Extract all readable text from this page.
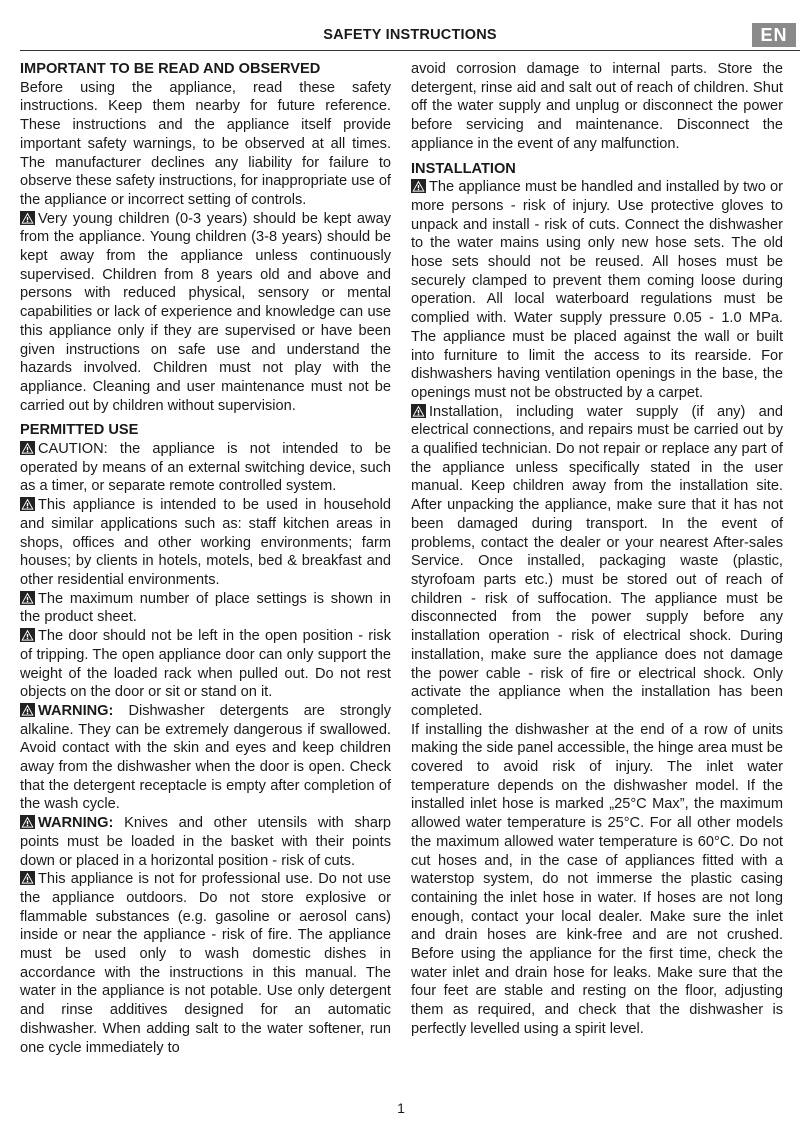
SAFETY INSTRUCTIONS	EN

IMPORTANT TO BE READ AND OBSERVED

Before using the appliance, read these safety instructions. Keep them nearby for future reference. These instructions and the appliance itself provide important safety warnings, to be observed at all times. The manufacturer declines any liability for failure to observe these safety instructions, for inappropriate use of the appliance or incorrect setting of controls.

Very young children (0-3 years) should be kept away from the appliance. Young children (3-8 years) should be kept away from the appliance unless continuously supervised. Children from 8 years old and above and persons with reduced physical, sensory or mental capabilities or lack of experience and knowledge can use this appliance only if they are supervised or have been given instructions on safe use and understand the hazards involved. Children must not play with the appliance. Cleaning and user maintenance must not be carried out by children without supervision.

PERMITTED USE

CAUTION: the appliance is not intended to be operated by means of an external switching device, such as a timer, or separate remote controlled system.

This appliance is intended to be used in household and similar applications such as: staff kitchen areas in shops, offices and other working environments; farm houses; by clients in hotels, motels, bed & breakfast and other residential environments.

The maximum number of place settings is shown in the product sheet.

The door should not be left in the open position - risk of tripping. The open appliance door can only support the weight of the loaded rack when pulled out. Do not rest objects on the door or sit or stand on it.

WARNING: Dishwasher detergents are strongly alkaline. They can be extremely dangerous if swallowed. Avoid contact with the skin and eyes and keep children away from the dishwasher when the door is open. Check that the detergent receptacle is empty after completion of the wash cycle.

WARNING: Knives and other utensils with sharp points must be loaded in the basket with their points down or placed in a horizontal position - risk of cuts.

This appliance is not for professional use. Do not use the appliance outdoors. Do not store explosive or flammable substances (e.g. gasoline or aerosol cans) inside or near the appliance - risk of fire. The appliance must be used only to wash domestic dishes in accordance with the instructions in this manual. The water in the appliance is not potable. Use only detergent and rinse additives designed for an automatic dishwasher. When adding salt to the water softener, run one cycle immediately to

avoid corrosion damage to internal parts. Store the detergent, rinse aid and salt out of reach of children. Shut off the water supply and unplug or disconnect the power before servicing and maintenance. Disconnect the appliance in the event of any malfunction.

INSTALLATION

The appliance must be handled and installed by two or more persons - risk of injury. Use protective gloves to unpack and install - risk of cuts. Connect the dishwasher to the water mains using only new hose sets. The old hose sets should not be reused. All hoses must be securely clamped to prevent them coming loose during operation. All local waterboard regulations must be complied with. Water supply pressure 0.05 - 1.0 MPa. The appliance must be placed against the wall or built into furniture to limit the access to its rearside. For dishwashers having ventilation openings in the base, the openings must not be obstructed by a carpet.

Installation, including water supply (if any) and electrical connections, and repairs must be carried out by a qualified technician. Do not repair or replace any part of the appliance unless specifically stated in the user manual. Keep children away from the installation site. After unpacking the appliance, make sure that it has not been damaged during transport. In the event of problems, contact the dealer or your nearest After-sales Service. Once installed, packaging waste (plastic, styrofoam parts etc.) must be stored out of reach of children - risk of suffocation. The appliance must be disconnected from the power supply before any installation operation - risk of electrical shock. During installation, make sure the appliance does not damage the power cable - risk of fire or electrical shock. Only activate the appliance when the installation has been completed.

If installing the dishwasher at the end of a row of units making the side panel accessible, the hinge area must be covered to avoid risk of injury. The inlet water temperature depends on the dishwasher model. If the installed inlet hose is marked „25°C Max”, the maximum allowed water temperature is 25°C. For all other models the maximum allowed water temperature is 60°C. Do not cut hoses and, in the case of appliances fitted with a waterstop system, do not immerse the plastic casing containing the inlet hose in water. If hoses are not long enough, contact your local dealer. Make sure the inlet and drain hoses are kink-free and are not crushed. Before using the appliance for the first time, check the water inlet and drain hose for leaks. Make sure that the four feet are stable and resting on the floor, adjusting them as required, and check that the dishwasher is perfectly levelled using a spirit level.

1
